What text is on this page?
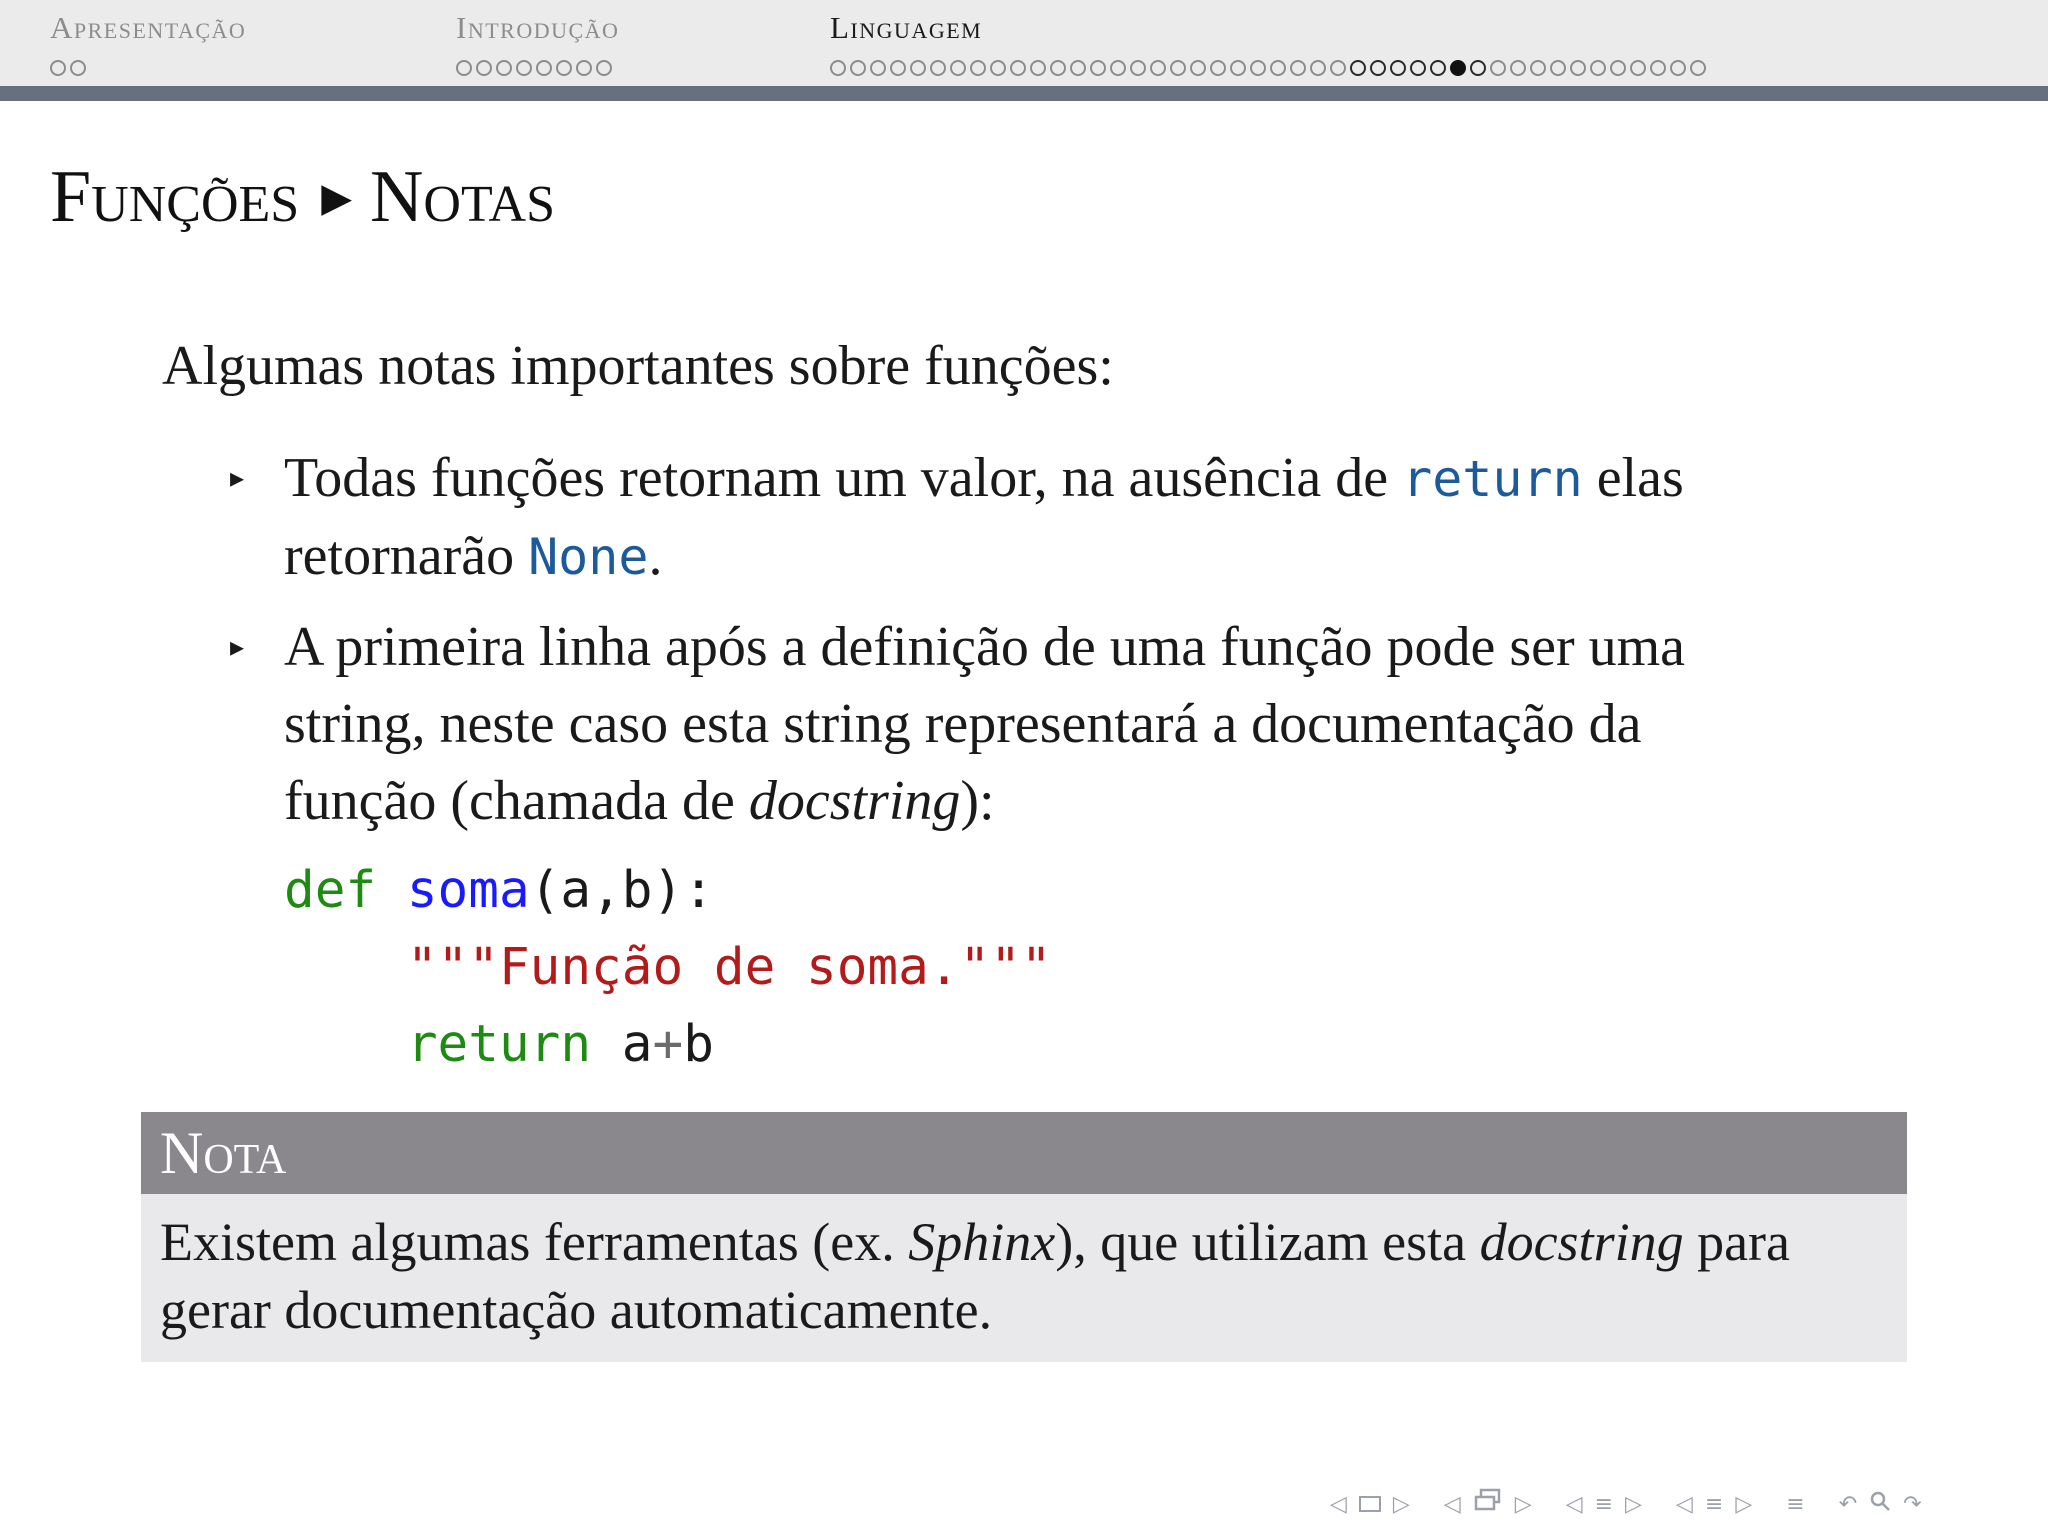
Apresentação	Introdução	Linguagem
Funções ▶ Notas
Algumas notas importantes sobre funções:
▸ Todas funções retornam um valor, na ausência de return elas
retornarão None.
▸ A primeira linha após a definição de uma função pode ser uma
string, neste caso esta string representará a documentação da
função (chamada de docstring):
def soma(a,b):
"""Função de soma."""
return a+b
Nota
Existem algumas ferramentas (ex. Sphinx), que utilizam esta docstring para
gerar documentação automaticamente.
◁ ▷ ◁ ▷ ◁ ≡ ▷ ◁ ≡ ▷ ≡ ↶ ↷
